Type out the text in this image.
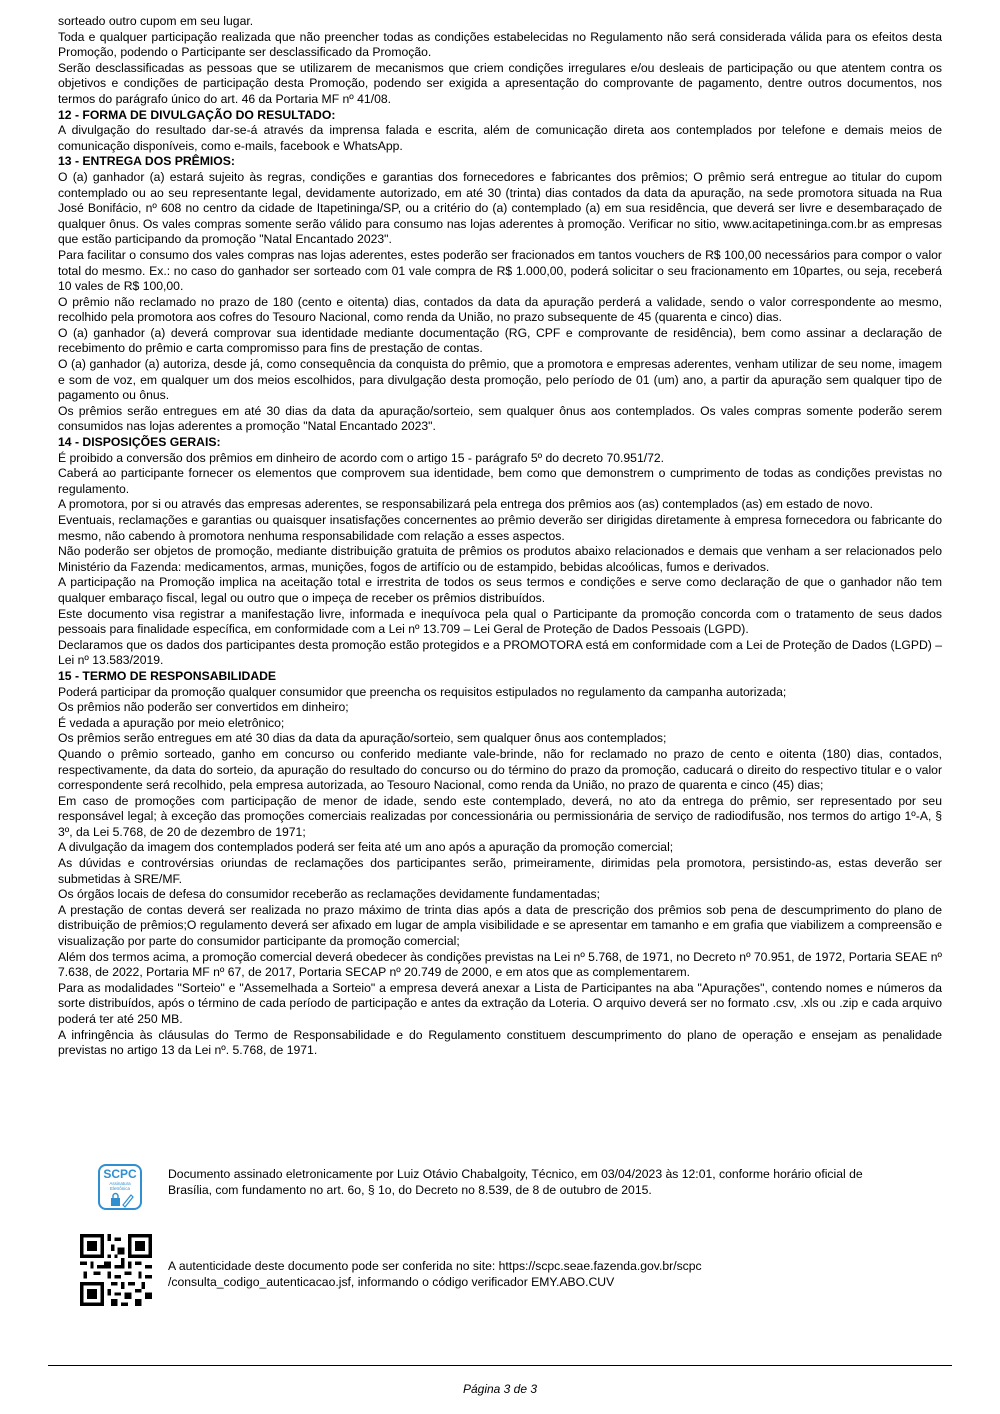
sorteado outro cupom em seu lugar.

Toda e qualquer participação realizada que não preencher todas as condições estabelecidas no Regulamento não será considerada válida para os efeitos desta Promoção, podendo o Participante ser desclassificado da Promoção.

Serão desclassificadas as pessoas que se utilizarem de mecanismos que criem condições irregulares e/ou desleais de participação ou que atentem contra os objetivos e condições de participação desta Promoção, podendo ser exigida a apresentação do comprovante de pagamento, dentre outros documentos, nos termos do parágrafo único do art. 46 da Portaria MF nº 41/08.

12 - FORMA DE DIVULGAÇÃO DO RESULTADO:

A divulgação do resultado dar-se-á através da imprensa falada e escrita, além de comunicação direta aos contemplados por telefone e demais meios de comunicação disponíveis, como e-mails, facebook e WhatsApp.

13 - ENTREGA DOS PRÊMIOS:

O (a) ganhador (a) estará sujeito às regras, condições e garantias dos fornecedores e fabricantes dos prêmios; O prêmio será entregue ao titular do cupom contemplado ou ao seu representante legal, devidamente autorizado, em até 30 (trinta) dias contados da data da apuração, na sede promotora situada na Rua José Bonifácio, nº 608 no centro da cidade de Itapetininga/SP, ou a critério do (a) contemplado (a) em sua residência, que deverá ser livre e desembaraçado de qualquer ônus. Os vales compras somente serão válido para consumo nas lojas aderentes à promoção. Verificar no sitio, www.acitapetininga.com.br as empresas que estão participando da promoção "Natal Encantado 2023".

Para facilitar o consumo dos vales compras nas lojas aderentes, estes poderão ser fracionados em tantos vouchers de R$ 100,00 necessários para compor o valor total do mesmo. Ex.: no caso do ganhador ser sorteado com 01 vale compra de R$ 1.000,00, poderá solicitar o seu fracionamento em 10partes, ou seja, receberá 10 vales de R$ 100,00.

O prêmio não reclamado no prazo de 180 (cento e oitenta) dias, contados da data da apuração perderá a validade, sendo o valor correspondente ao mesmo, recolhido pela promotora aos cofres do Tesouro Nacional, como renda da União, no prazo subsequente de 45 (quarenta e cinco) dias.

O (a) ganhador (a) deverá comprovar sua identidade mediante documentação (RG, CPF e comprovante de residência), bem como assinar a declaração de recebimento do prêmio e carta compromisso para fins de prestação de contas.

O (a) ganhador (a) autoriza, desde já, como consequência da conquista do prêmio, que a promotora e empresas aderentes, venham utilizar de seu nome, imagem e som de voz, em qualquer um dos meios escolhidos, para divulgação desta promoção, pelo período de 01 (um) ano, a partir da apuração sem qualquer tipo de pagamento ou ônus.

Os prêmios serão entregues em até 30 dias da data da apuração/sorteio, sem qualquer ônus aos contemplados. Os vales compras somente poderão serem consumidos nas lojas aderentes a promoção "Natal Encantado 2023".

14 - DISPOSIÇÕES GERAIS:

É proibido a conversão dos prêmios em dinheiro de acordo com o artigo 15 - parágrafo 5º do decreto 70.951/72.

Caberá ao participante fornecer os elementos que comprovem sua identidade, bem como que demonstrem o cumprimento de todas as condições previstas no regulamento.

A promotora, por si ou através das empresas aderentes, se responsabilizará pela entrega dos prêmios aos (as) contemplados (as) em estado de novo.

Eventuais, reclamações e garantias ou quaisquer insatisfações concernentes ao prêmio deverão ser dirigidas diretamente à empresa fornecedora ou fabricante do mesmo, não cabendo à promotora nenhuma responsabilidade com relação a esses aspectos.

Não poderão ser objetos de promoção, mediante distribuição gratuita de prêmios os produtos abaixo relacionados e demais que venham a ser relacionados pelo Ministério da Fazenda: medicamentos, armas, munições, fogos de artifício ou de estampido, bebidas alcoólicas, fumos e derivados.

A participação na Promoção implica na aceitação total e irrestrita de todos os seus termos e condições e serve como declaração de que o ganhador não tem qualquer embaraço fiscal, legal ou outro que o impeça de receber os prêmios distribuídos.

Este documento visa registrar a manifestação livre, informada e inequívoca pela qual o Participante da promoção concorda com o tratamento de seus dados pessoais para finalidade específica, em conformidade com a Lei nº 13.709 – Lei Geral de Proteção de Dados Pessoais (LGPD).

Declaramos que os dados dos participantes desta promoção estão protegidos e a PROMOTORA está em conformidade com a Lei de Proteção de Dados (LGPD) – Lei nº 13.583/2019.

15 - TERMO DE RESPONSABILIDADE

Poderá participar da promoção qualquer consumidor que preencha os requisitos estipulados no regulamento da campanha autorizada;

Os prêmios não poderão ser convertidos em dinheiro;

É vedada a apuração por meio eletrônico;

Os prêmios serão entregues em até 30 dias da data da apuração/sorteio, sem qualquer ônus aos contemplados;

Quando o prêmio sorteado, ganho em concurso ou conferido mediante vale-brinde, não for reclamado no prazo de cento e oitenta (180) dias, contados, respectivamente, da data do sorteio, da apuração do resultado do concurso ou do término do prazo da promoção, caducará o direito do respectivo titular e o valor correspondente será recolhido, pela empresa autorizada, ao Tesouro Nacional, como renda da União, no prazo de quarenta e cinco (45) dias;

Em caso de promoções com participação de menor de idade, sendo este contemplado, deverá, no ato da entrega do prêmio, ser representado por seu responsável legal; à exceção das promoções comerciais realizadas por concessionária ou permissionária de serviço de radiodifusão, nos termos do artigo 1º-A, § 3º, da Lei 5.768, de 20 de dezembro de 1971;

A divulgação da imagem dos contemplados poderá ser feita até um ano após a apuração da promoção comercial;

As dúvidas e controvérsias oriundas de reclamações dos participantes serão, primeiramente, dirimidas pela promotora, persistindo-as, estas deverão ser submetidas à SRE/MF.

Os órgãos locais de defesa do consumidor receberão as reclamações devidamente fundamentadas;

A prestação de contas deverá ser realizada no prazo máximo de trinta dias após a data de prescrição dos prêmios sob pena de descumprimento do plano de distribuição de prêmios;O regulamento deverá ser afixado em lugar de ampla visibilidade e se apresentar em tamanho e em grafia que viabilizem a compreensão e visualização por parte do consumidor participante da promoção comercial;

Além dos termos acima, a promoção comercial deverá obedecer às condições previstas na Lei nº 5.768, de 1971, no Decreto nº 70.951, de 1972, Portaria SEAE nº 7.638, de 2022, Portaria MF nº 67, de 2017, Portaria SECAP nº 20.749 de 2000, e em atos que as complementarem.

Para as modalidades "Sorteio" e "Assemelhada a Sorteio" a empresa deverá anexar a Lista de Participantes na aba "Apurações", contendo nomes e números da sorte distribuídos, após o término de cada período de participação e antes da extração da Loteria. O arquivo deverá ser no formato .csv, .xls ou .zip e cada arquivo poderá ter até 250 MB.

A infringência às cláusulas do Termo de Responsabilidade e do Regulamento constituem descumprimento do plano de operação e ensejam as penalidade previstas no artigo 13 da Lei nº. 5.768, de 1971.

SCPC
Assinatura Eletrônica
Documento assinado eletronicamente por Luiz Otávio Chabalgoity, Técnico, em 03/04/2023 às 12:01, conforme horário oficial de Brasília, com fundamento no art. 6o, § 1o, do Decreto no 8.539, de 8 de outubro de 2015.
A autenticidade deste documento pode ser conferida no site: https://scpc.seae.fazenda.gov.br/scpc
/consulta_codigo_autenticacao.jsf, informando o código verificador EMY.ABO.CUV
Página 3 de 3
